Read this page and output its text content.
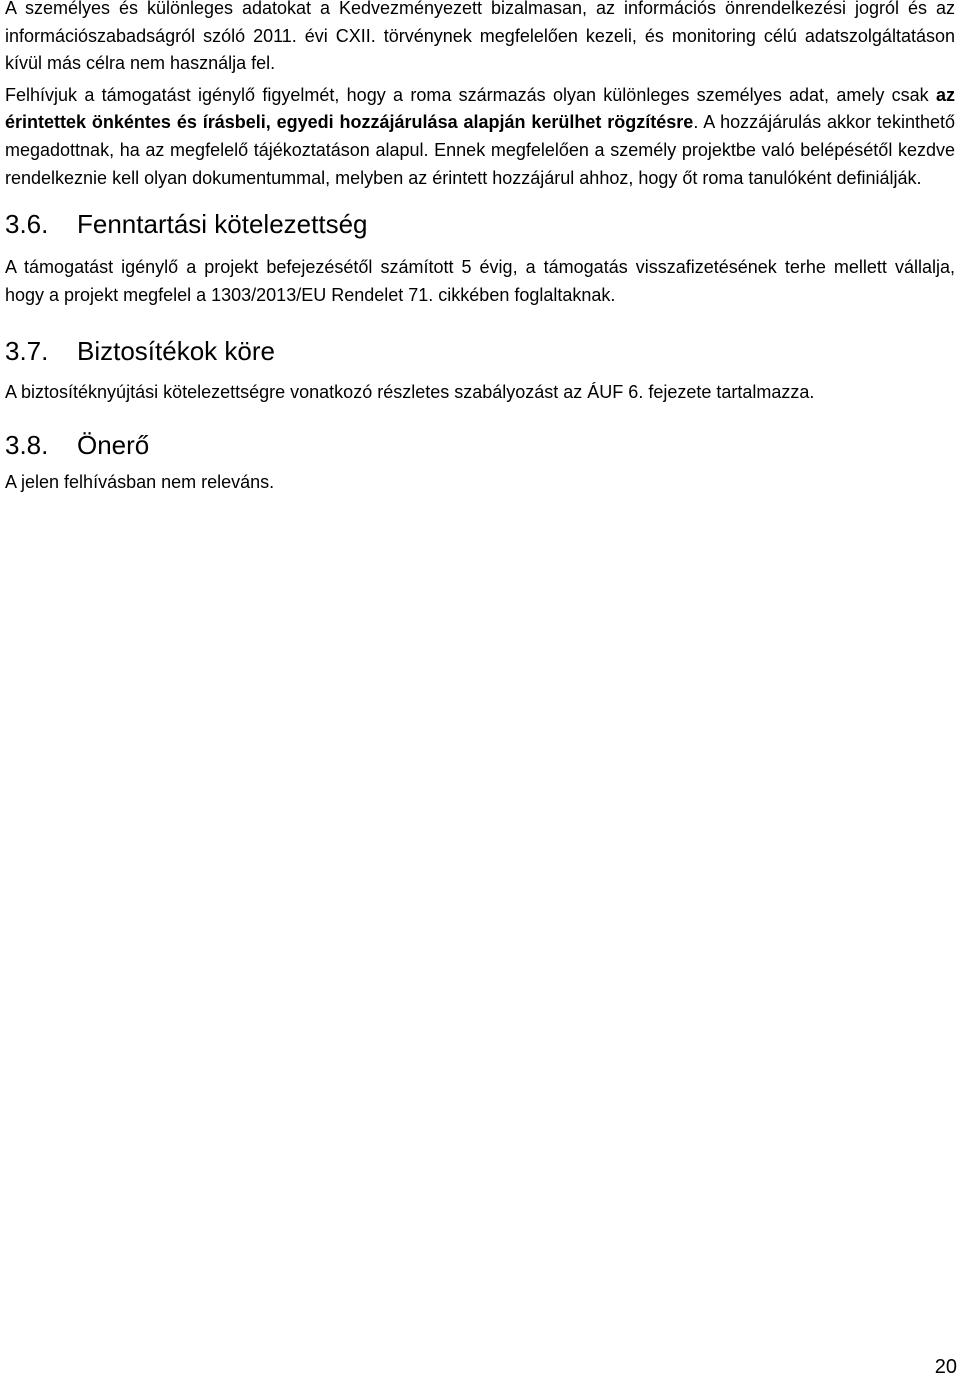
A személyes és különleges adatokat a Kedvezményezett bizalmasan, az információs önrendelkezési jogról és az információszabadságról szóló 2011. évi CXII. törvénynek megfelelően kezeli, és monitoring célú adatszolgáltatáson kívül más célra nem használja fel.

Felhívjuk a támogatást igénylő figyelmét, hogy a roma származás olyan különleges személyes adat, amely csak az érintettek önkéntes és írásbeli, egyedi hozzájárulása alapján kerülhet rögzítésre. A hozzájárulás akkor tekinthető megadottnak, ha az megfelelő tájékoztatáson alapul. Ennek megfelelően a személy projektbe való belépésétől kezdve rendelkeznie kell olyan dokumentummal, melyben az érintett hozzájárul ahhoz, hogy őt roma tanulóként definiálják.

3.6.	Fenntartási kötelezettség

A támogatást igénylő a projekt befejezésétől számított 5 évig, a támogatás visszafizetésének terhe mellett vállalja, hogy a projekt megfelel a 1303/2013/EU Rendelet 71. cikkében foglaltaknak.

3.7.	Biztosítékok köre

A biztosítéknyújtási kötelezettségre vonatkozó részletes szabályozást az ÁUF 6. fejezete tartalmazza.

3.8.	Önerő

A jelen felhívásban nem releváns.

20
